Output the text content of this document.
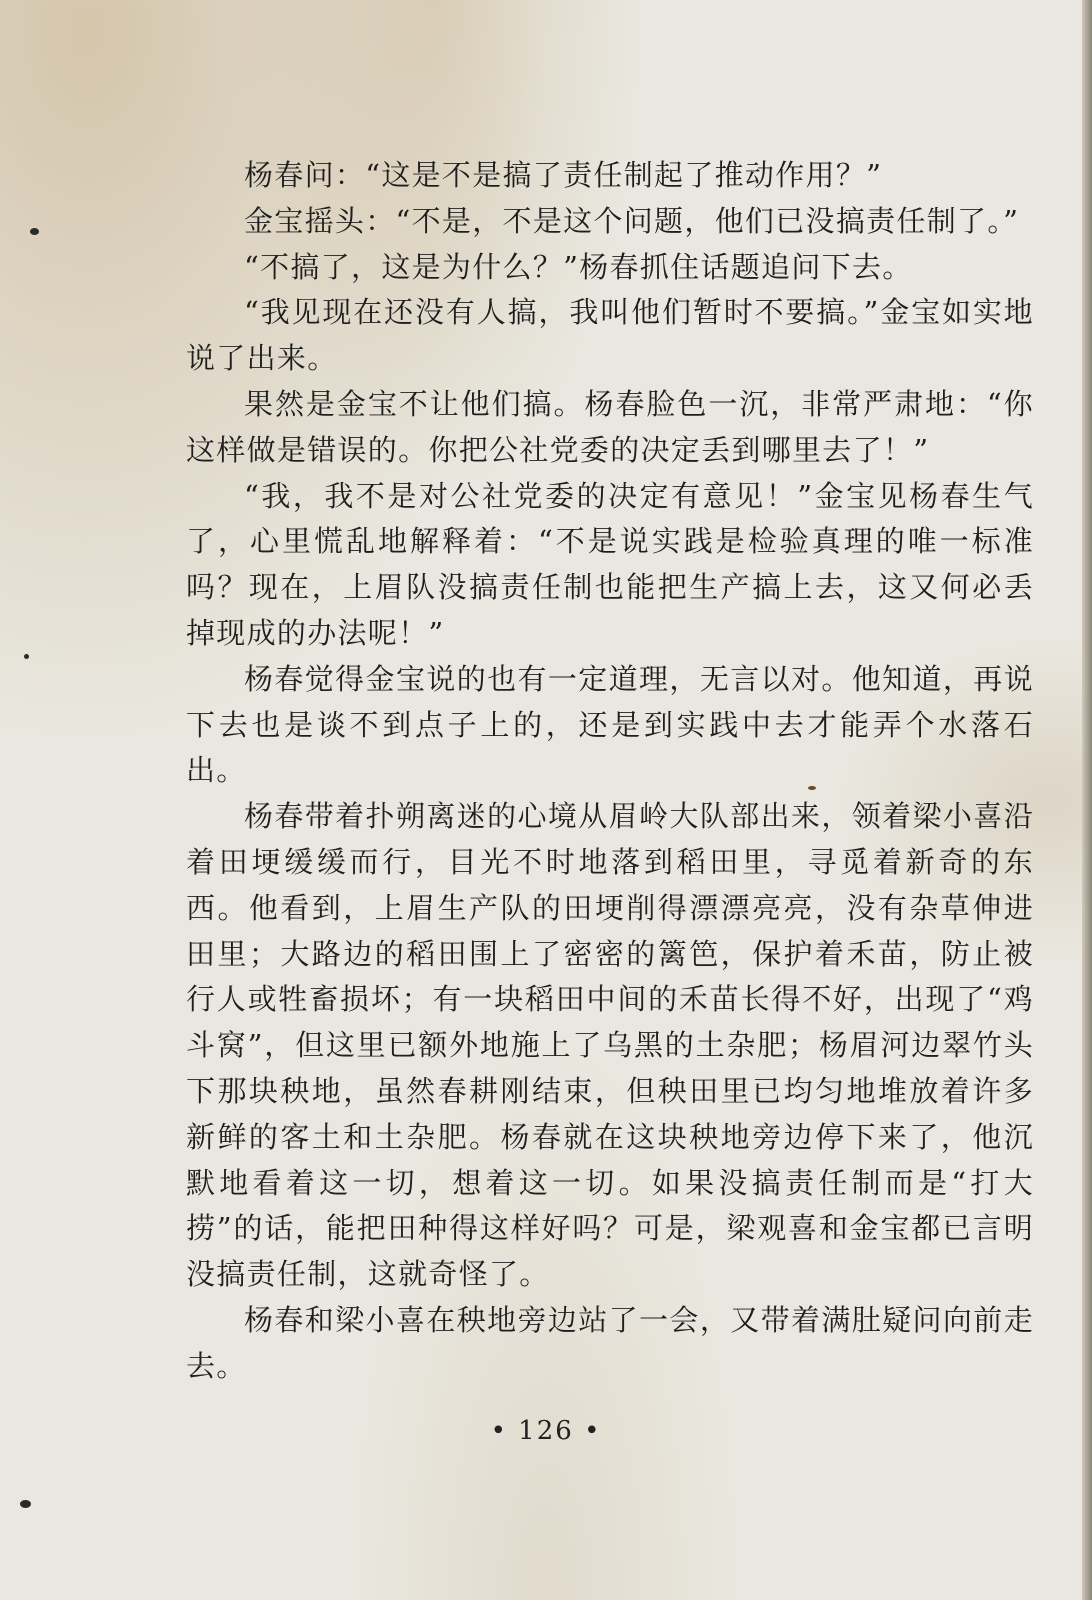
杨春问：“这是不是搞了责任制起了推动作用？”

金宝摇头：“不是，不是这个问题，他们已没搞责任制了。”

“不搞了，这是为什么？”杨春抓住话题追问下去。

“我见现在还没有人搞，我叫他们暂时不要搞。”金宝如实地说了出来。

果然是金宝不让他们搞。杨春脸色一沉，非常严肃地：“你这样做是错误的。你把公社党委的决定丢到哪里去了！”

“我，我不是对公社党委的决定有意见！”金宝见杨春生气了，心里慌乱地解释着：“不是说实践是检验真理的唯一标准吗？现在，上眉队没搞责任制也能把生产搞上去，这又何必丢掉现成的办法呢！”

杨春觉得金宝说的也有一定道理，无言以对。他知道，再说下去也是谈不到点子上的，还是到实践中去才能弄个水落石出。

杨春带着扑朔离迷的心境从眉岭大队部出来，领着梁小喜沿着田埂缓缓而行，目光不时地落到稻田里，寻觅着新奇的东西。他看到，上眉生产队的田埂削得漂漂亮亮，没有杂草伸进田里；大路边的稻田围上了密密的篱笆，保护着禾苗，防止被行人或牲畜损坏；有一块稻田中间的禾苗长得不好，出现了“鸡斗窝”，但这里已额外地施上了乌黑的土杂肥；杨眉河边翠竹头下那块秧地，虽然春耕刚结束，但秧田里已均匀地堆放着许多新鲜的客土和土杂肥。杨春就在这块秧地旁边停下来了，他沉默地看着这一切，想着这一切。如果没搞责任制而是“打大捞”的话，能把田种得这样好吗？可是，梁观喜和金宝都已言明没搞责任制，这就奇怪了。

杨春和梁小喜在秧地旁边站了一会，又带着满肚疑问向前走去。

• 126 •
